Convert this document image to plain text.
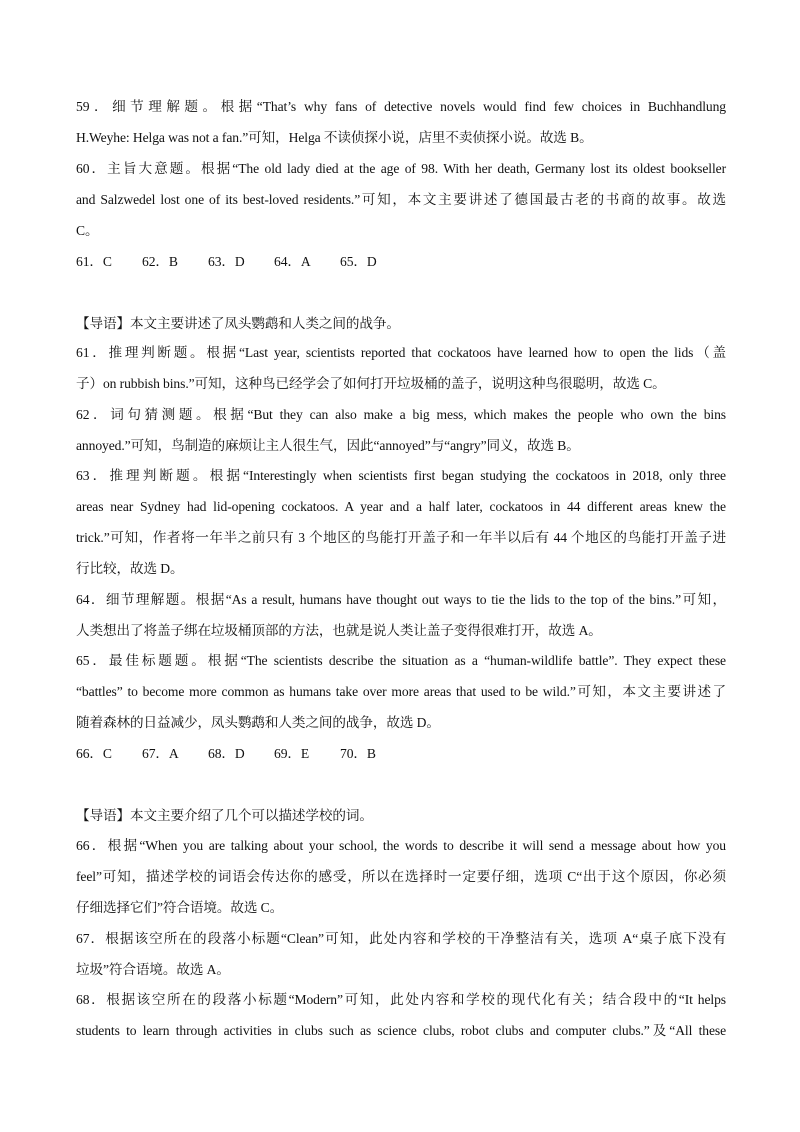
59．细节理解题。根据“That’s why fans of detective novels would find few choices in Buchhandlung
H.Weyhe: Helga was not a fan.”可知，Helga 不读侦探小说，店里不卖侦探小说。故选 B。
60．主旨大意题。根据“The old lady died at the age of 98. With her death, Germany lost its oldest bookseller
and Salzwedel lost one of its best-loved residents.”可知，本文主要讲述了德国最古老的书商的故事。故选
C。
61．C 62．B 63．D 64．A 65．D
【导语】本文主要讲述了凤头鹦鹉和人类之间的战争。
61．推理判断题。根据“Last year, scientists reported that cockatoos have learned how to open the lids（盖
子）on rubbish bins.”可知，这种鸟已经学会了如何打开垃圾桶的盖子，说明这种鸟很聪明，故选 C。
62．词句猜测题。根据“But they can also make a big mess, which makes the people who own the bins
annoyed.”可知，鸟制造的麻烦让主人很生气，因此“annoyed”与“angry”同义，故选 B。
63．推理判断题。根据“Interestingly when scientists first began studying the cockatoos in 2018, only three
areas near Sydney had lid-opening cockatoos. A year and a half later, cockatoos in 44 different areas knew the
trick.”可知，作者将一年半之前只有 3 个地区的鸟能打开盖子和一年半以后有 44 个地区的鸟能打开盖子进
行比较，故选 D。
64．细节理解题。根据“As a result, humans have thought out ways to tie the lids to the top of the bins.”可知，
人类想出了将盖子绑在垃圾桶顶部的方法，也就是说人类让盖子变得很难打开，故选 A。
65．最佳标题题。根据“The scientists describe the situation as a “human-wildlife battle”. They expect these
“battles” to become more common as humans take over more areas that used to be wild.”可知，本文主要讲述了
随着森林的日益减少，凤头鹦鹉和人类之间的战争，故选 D。
66．C 67．A 68．D 69．E 70．B
【导语】本文主要介绍了几个可以描述学校的词。
66．根据“When you are talking about your school, the words to describe it will send a message about how you
feel”可知，描述学校的词语会传达你的感受，所以在选择时一定要仔细，选项 C“出于这个原因，你必须
仔细选择它们”符合语境。故选 C。
67．根据该空所在的段落小标题“Clean”可知，此处内容和学校的干净整洁有关，选项 A“桌子底下没有
垃圾”符合语境。故选 A。
68．根据该空所在的段落小标题“Modern”可知，此处内容和学校的现代化有关；结合段中的“It helps
students to learn through activities in clubs such as science clubs, robot clubs and computer clubs.”及“All these
